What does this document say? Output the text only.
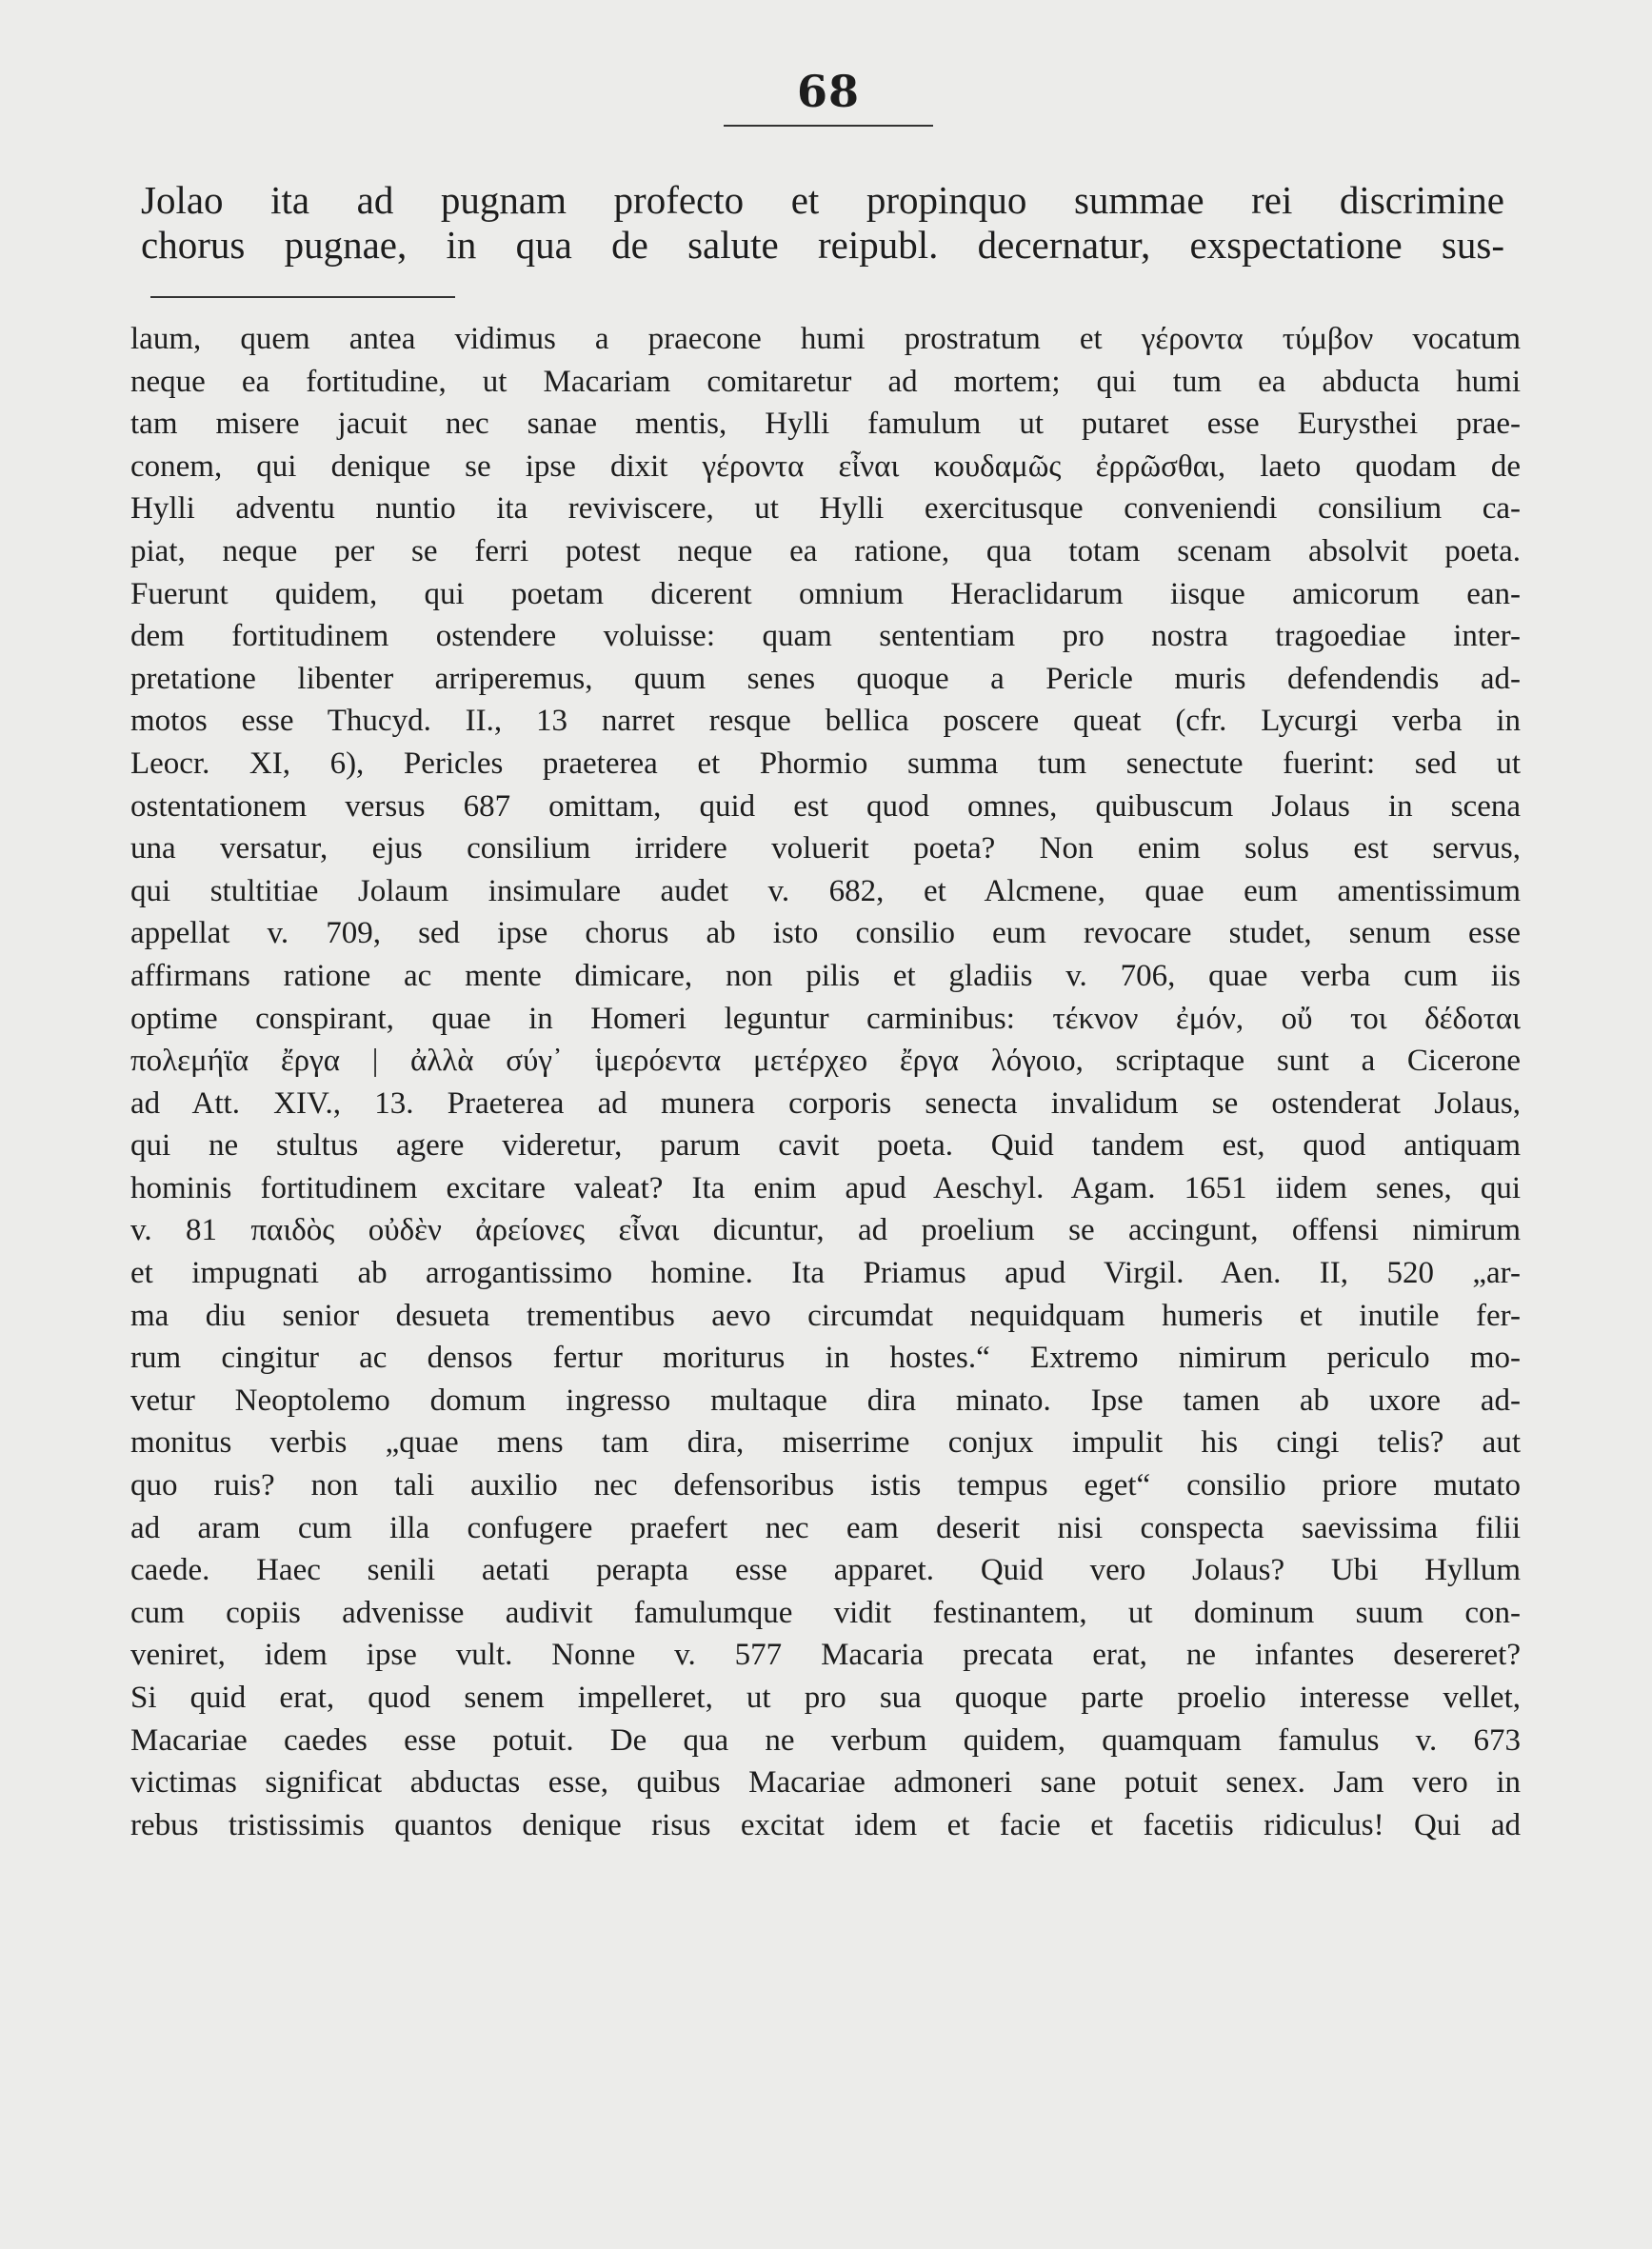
68
Jolao ita ad pugnam profecto et propinquo summae rei discrimine
chorus pugnae, in qua de salute reipubl. decernatur, exspectatione sus-
laum, quem antea vidimus a praecone humi prostratum et γέροντα τύμβον vocatum
neque ea fortitudine, ut Macariam comitaretur ad mortem; qui tum ea abducta humi
tam misere jacuit nec sanae mentis, Hylli famulum ut putaret esse Eurysthei prae-
conem, qui denique se ipse dixit γέροντα εἶναι κουδαμῶς ἐρρῶσθαι, laeto quodam de
Hylli adventu nuntio ita reviviscere, ut Hylli exercitusque conveniendi consilium ca-
piat, neque per se ferri potest neque ea ratione, qua totam scenam absolvit poeta.
Fuerunt quidem, qui poetam dicerent omnium Heraclidarum iisque amicorum ean-
dem fortitudinem ostendere voluisse: quam sententiam pro nostra tragoediae inter-
pretatione libenter arriperemus, quum senes quoque a Pericle muris defendendis ad-
motos esse Thucyd. II., 13 narret resque bellica poscere queat (cfr. Lycurgi verba in
Leocr. XI, 6), Pericles praeterea et Phormio summa tum senectute fuerint: sed ut
ostentationem versus 687 omittam, quid est quod omnes, quibuscum Jolaus in scena
una versatur, ejus consilium irridere voluerit poeta? Non enim solus est servus,
qui stultitiae Jolaum insimulare audet v. 682, et Alcmene, quae eum amentissimum
appellat v. 709, sed ipse chorus ab isto consilio eum revocare studet, senum esse
affirmans ratione ac mente dimicare, non pilis et gladiis v. 706, quae verba cum iis
optime conspirant, quae in Homeri leguntur carminibus: τέκνον ἐμόν, οὔ τοι δέδοται
πολεμήϊα ἔργα | ἀλλὰ σύγ᾽ ἱμερόεντα μετέρχεο ἔργα λόγοιο, scriptaque sunt a Cicerone
ad Att. XIV., 13. Praeterea ad munera corporis senecta invalidum se ostenderat Jolaus,
qui ne stultus agere videretur, parum cavit poeta. Quid tandem est, quod antiquam
hominis fortitudinem excitare valeat? Ita enim apud Aeschyl. Agam. 1651 iidem senes, qui
v. 81 παιδὸς οὐδὲν ἀρείονες εἶναι dicuntur, ad proelium se accingunt, offensi nimirum
et impugnati ab arrogantissimo homine. Ita Priamus apud Virgil. Aen. II, 520 „ar-
ma diu senior desueta trementibus aevo circumdat nequidquam humeris et inutile fer-
rum cingitur ac densos fertur moriturus in hostes.“ Extremo nimirum periculo mo-
vetur Neoptolemo domum ingresso multaque dira minato. Ipse tamen ab uxore ad-
monitus verbis „quae mens tam dira, miserrime conjux impulit his cingi telis? aut
quo ruis? non tali auxilio nec defensoribus istis tempus eget“ consilio priore mutato
ad aram cum illa confugere praefert nec eam deserit nisi conspecta saevissima filii
caede. Haec senili aetati perapta esse apparet. Quid vero Jolaus? Ubi Hyllum
cum copiis advenisse audivit famulumque vidit festinantem, ut dominum suum con-
veniret, idem ipse vult. Nonne v. 577 Macaria precata erat, ne infantes desereret?
Si quid erat, quod senem impelleret, ut pro sua quoque parte proelio interesse vellet,
Macariae caedes esse potuit. De qua ne verbum quidem, quamquam famulus v. 673
victimas significat abductas esse, quibus Macariae admoneri sane potuit senex. Jam vero in
rebus tristissimis quantos denique risus excitat idem et facie et facetiis ridiculus! Qui ad
